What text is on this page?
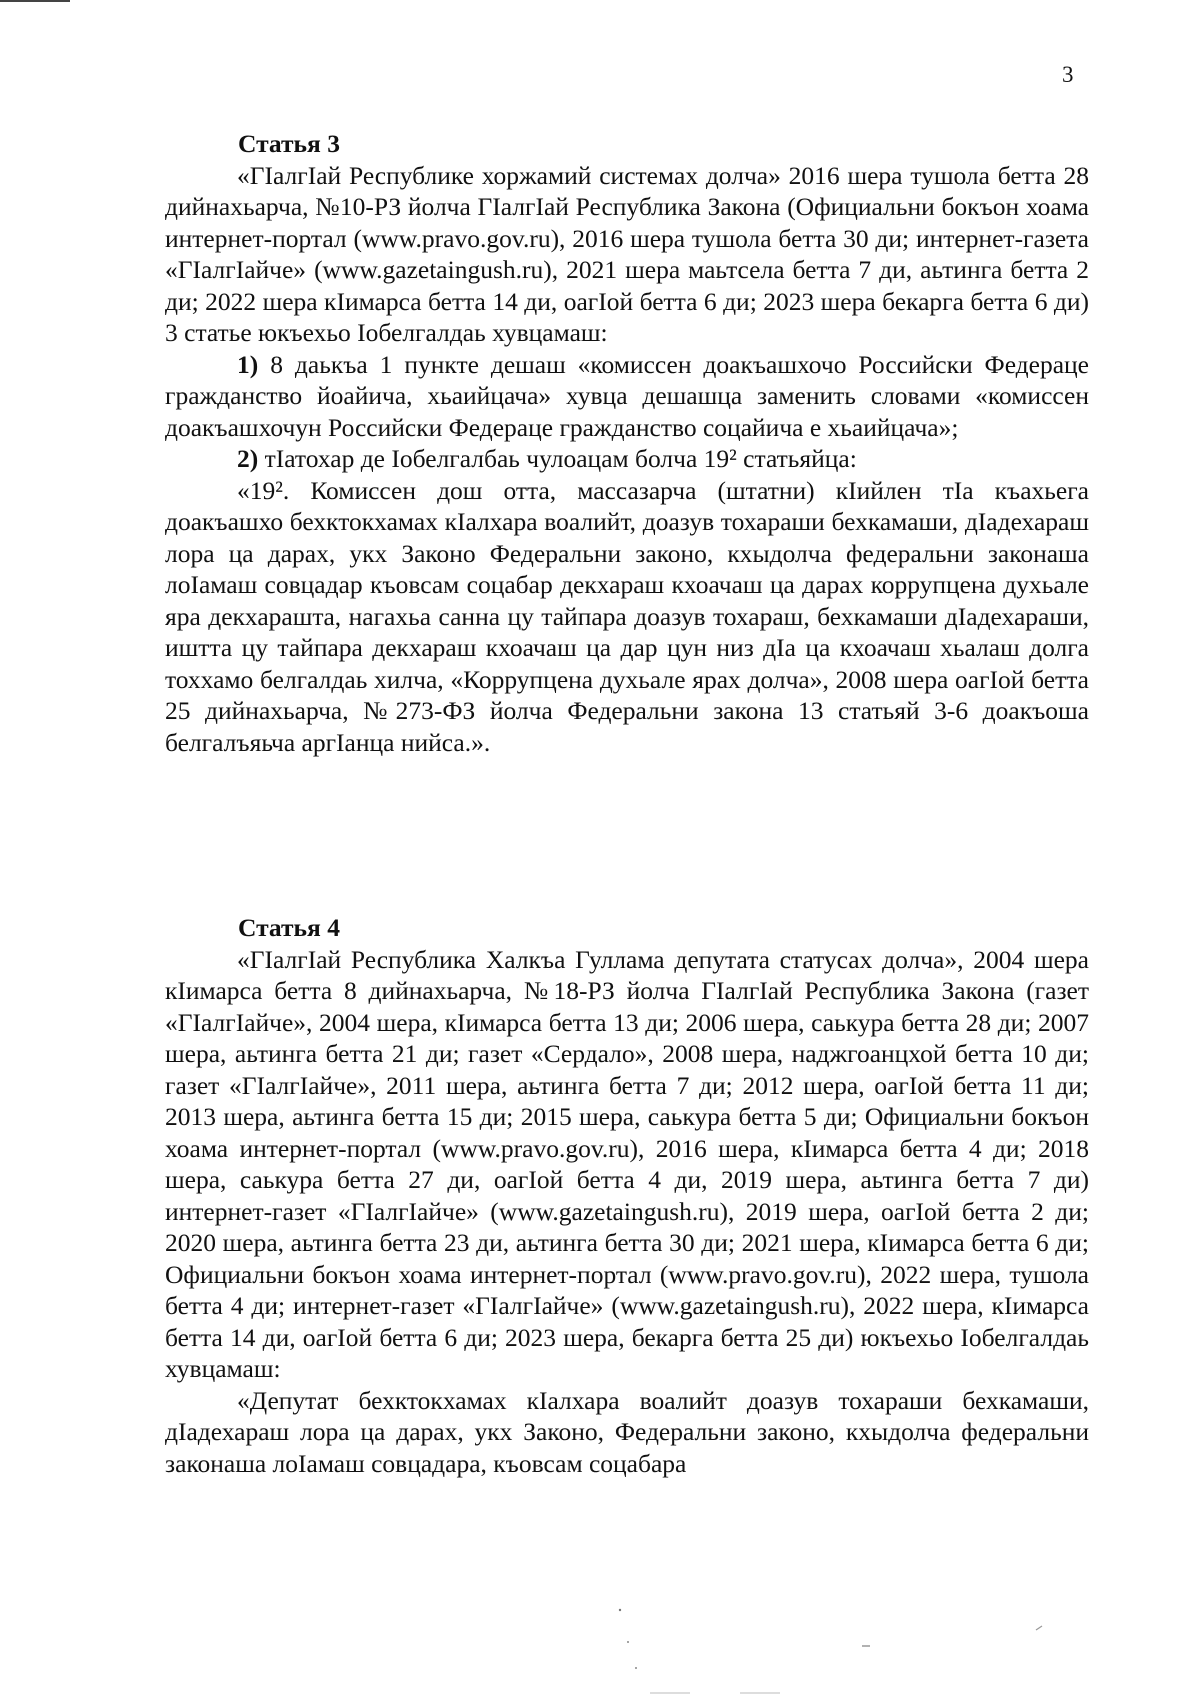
3
Статья 3

«ГIалгIай Республике хоржамий системах долча» 2016 шера тушола бетта 28 дийнахьарча, №10-РЗ йолча ГIалгIай Республика Закона (Официальни бокъон хоама интернет-портал (www.pravo.gov.ru), 2016 шера тушола бетта 30 ди; интернет-газета «ГIалгIайче» (www.gazetaingush.ru), 2021 шера маьтсела бетта 7 ди, аьтинга бетта 2 ди; 2022 шера кIимарса бетта 14 ди, оагIой бетта 6 ди; 2023 шера бекарга бетта 6 ди) 3 статье юкъехьо Iобелгалдаь хувцамаш:

1) 8 даькъа 1 пункте дешаш «комиссен доакъашхочо Российски Федераце гражданство йоайича, хьаийцача» хувца дешашца заменить словами «комиссен доакъашхочун Российски Федераце гражданство соцайича е хьаийцача»;

2) тIатохар де Iобелгалбаь чулоацам болча 19² статьяйца:

«19². Комиссен дош отта, массазарча (штатни) кIийлен тIа къахьега доакъашхо бехктокхамах кIалхара воалийт, доазув тохараши бехкамаши, дIадехараш лора ца дарах, укх Законо Федеральни законо, кхыдолча федеральни законаша лоIамаш совцадар къовсам соцабар декхараш кхоачаш ца дарах коррупцена духьале яра декхараштa, нагахьа санна цу тайпара доазув тохараш, бехкамаши дIадехараши, иштта цу тайпара декхараш кхоачаш ца дар цун низ дIа ца кхоачаш хьалаш долга тоххамо белгалдаь хилча, «Коррупцена духьале ярах долча», 2008 шера оагIой бетта 25 дийнахьарча, №273-ФЗ йолча Федеральни закона 13 статьяй 3-6 доакъоша белгалъяьча аргIанца нийса.».

Статья 4

«ГIалгIай Республика Халкъа Гуллама депутата статусах долча», 2004 шера кIимарса бетта 8 дийнахьарча, №18-РЗ йолча ГIалгIай Республика Закона (газет «ГIалгIайче», 2004 шера, кIимарса бетта 13 ди; 2006 шера, саькура бетта 28 ди; 2007 шера, аьтинга бетта 21 ди; газет «Сердало», 2008 шера, наджгоанцхой бетта 10 ди; газет «ГIалгIайче», 2011 шера, аьтинга бетта 7 ди; 2012 шера, оагIой бетта 11 ди; 2013 шера, аьтинга бетта 15 ди; 2015 шера, саькура бетта 5 ди; Официальни бокъон хоама интернет-портал (www.pravo.gov.ru), 2016 шера, кIимарса бетта 4 ди; 2018 шера, саькура бетта 27 ди, оагIой бетта 4 ди, 2019 шера, аьтинга бетта 7 ди) интернет-газет «ГIалгIайче» (www.gazetaingush.ru), 2019 шера, оагIой бетта 2 ди; 2020 шера, аьтинга бетта 23 ди, аьтинга бетта 30 ди; 2021 шера, кIимарса бетта 6 ди; Официальни бокъон хоама интернет-портал (www.pravo.gov.ru), 2022 шера, тушола бетта 4 ди; интернет-газет «ГIалгIайче» (www.gazetaingush.ru), 2022 шера, кIимарса бетта 14 ди, оагIой бетта 6 ди; 2023 шера, бекарга бетта 25 ди) юкъехьо Iобелгалдаь хувцамаш:

«Депутат бехктокхамах кIалхара воалийт доазув тохараши бехкамаши, дIадехараш лора ца дарах, укх Законо, Федеральни законо, кхыдолча федеральни законаша лоIамаш совцадара, къовсам соцабара
